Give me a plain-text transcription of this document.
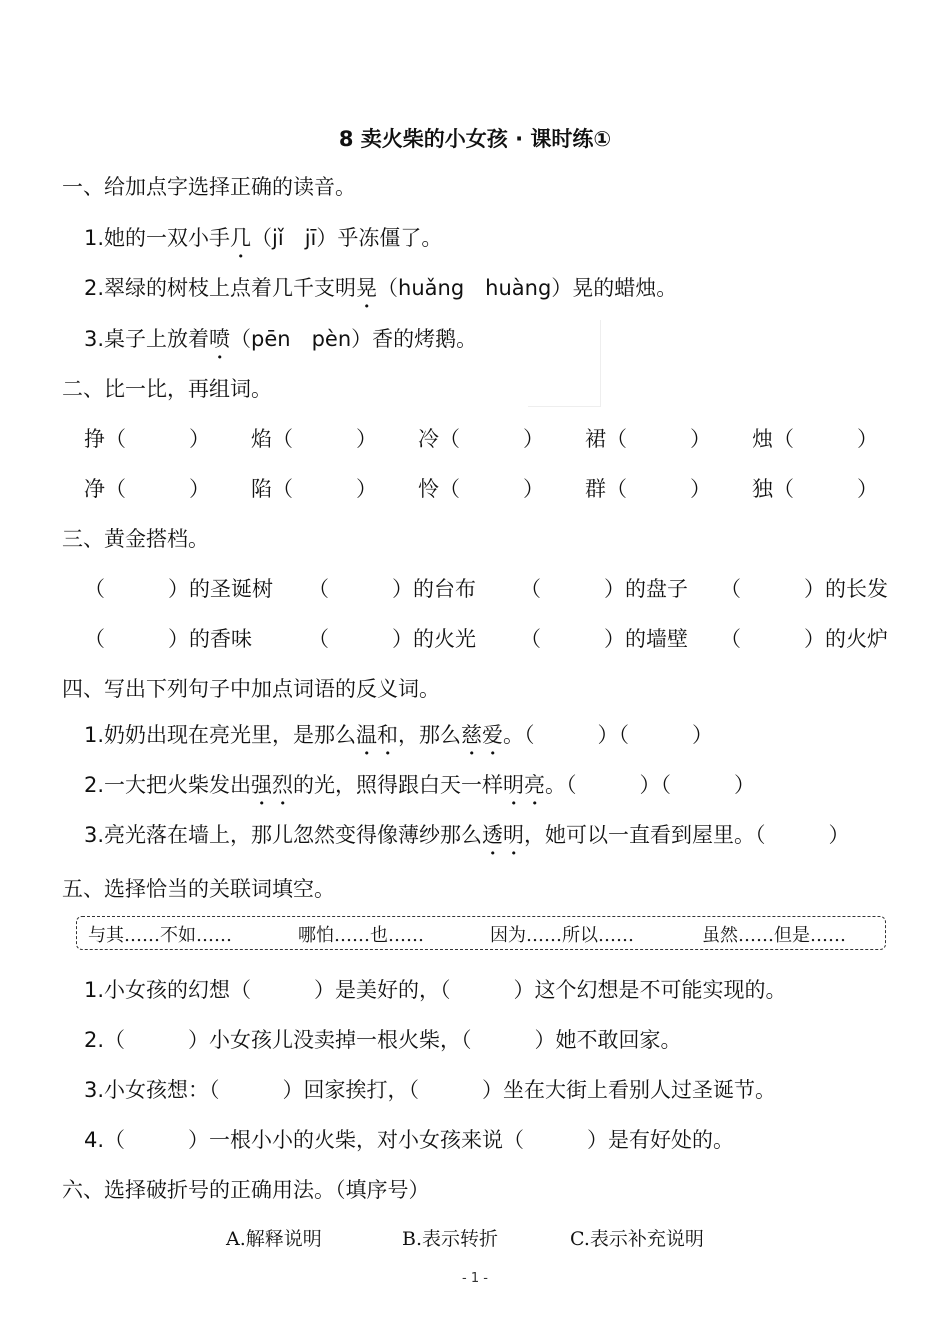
8 卖火柴的小女孩 · 课时练①
一、给加点字选择正确的读音。
1.她的一双小手几（jǐ　jī）乎冻僵了。
2.翠绿的树枝上点着几千支明晃（huǎng　huàng）晃的蜡烛。
3.桌子上放着喷（pēn　pèn）香的烤鹅。
二、比一比，再组词。
挣（　　　） 焰（　　　） 冷（　　　） 裙（　　　） 烛（　　　）
净（　　　） 陷（　　　） 怜（　　　） 群（　　　） 独（　　　）
三、黄金搭档。
（　　　）的圣诞树 （　　　）的台布 （　　　）的盘子 （　　　）的长发
（　　　）的香味	（　　　）的火光 （　　　）的墙壁 （　　　）的火炉
四、写出下列句子中加点词语的反义词。
1.奶奶出现在亮光里，是那么温和，那么慈爱。（　　　）（　　　）
2.一大把火柴发出强烈的光，照得跟白天一样明亮。（　　　）（　　　）
3.亮光落在墙上，那儿忽然变得像薄纱那么透明，她可以一直看到屋里。（　　　）
五、选择恰当的关联词填空。
与其……不如……	哪怕……也……	因为……所以……	虽然……但是……
1.小女孩的幻想（　　　）是美好的，（　　　）这个幻想是不可能实现的。
2.（　　　）小女孩儿没卖掉一根火柴，（　　　）她不敢回家。
3.小女孩想：（　　　）回家挨打，（　　　）坐在大街上看别人过圣诞节。
4.（　　　）一根小小的火柴，对小女孩来说（　　　）是有好处的。
六、选择破折号的正确用法。（填序号）
A.解释说明	B.表示转折	C.表示补充说明
- 1 -
